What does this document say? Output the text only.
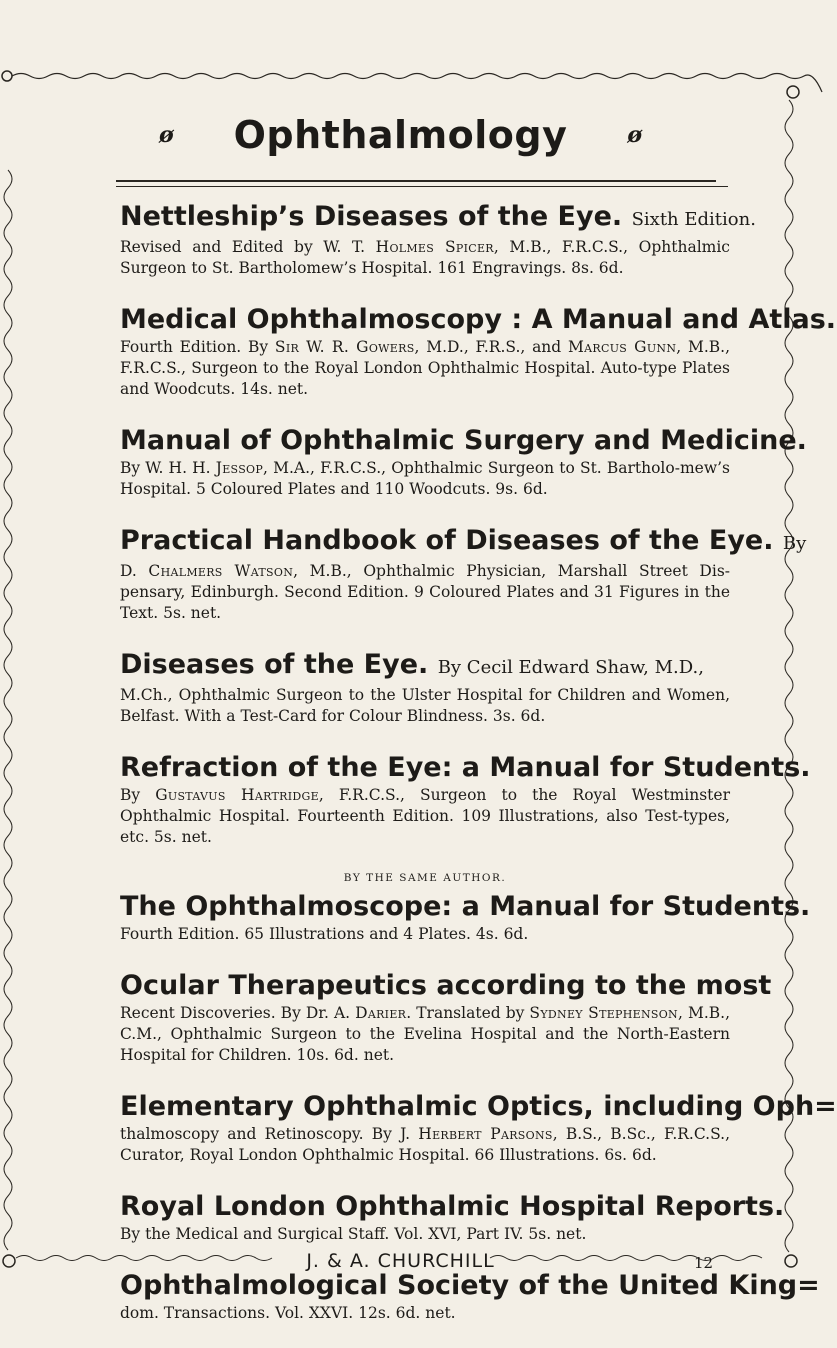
ø Ophthalmology	ø
Nettleship’s Diseases of the Eye. Sixth Edition.

Revised and Edited by W. T. Holmes Spicer, M.B., F.R.C.S., Ophthalmic Surgeon to St. Bartholomew’s Hospital. 161 Engravings. 8s. 6d.

Medical Ophthalmoscopy : A Manual and Atlas.

Fourth Edition. By Sir W. R. Gowers, M.D., F.R.S., and Marcus Gunn, M.B., F.R.C.S., Surgeon to the Royal London Ophthalmic Hospital. Auto-type Plates and Woodcuts. 14s. net.

Manual of Ophthalmic Surgery and Medicine.

By W. H. H. Jessop, M.A., F.R.C.S., Ophthalmic Surgeon to St. Bartholo-mew’s Hospital. 5 Coloured Plates and 110 Woodcuts. 9s. 6d.

Practical Handbook of Diseases of the Eye. By

D. Chalmers Watson, M.B., Ophthalmic Physician, Marshall Street Dis-pensary, Edinburgh. Second Edition. 9 Coloured Plates and 31 Figures in the Text. 5s. net.

Diseases of the Eye. By Cecil Edward Shaw, M.D.,

M.Ch., Ophthalmic Surgeon to the Ulster Hospital for Children and Women, Belfast. With a Test-Card for Colour Blindness. 3s. 6d.

Refraction of the Eye: a Manual for Students.

By Gustavus Hartridge, F.R.C.S., Surgeon to the Royal Westminster Ophthalmic Hospital. Fourteenth Edition. 109 Illustrations, also Test-types, etc. 5s. net.

BY THE SAME AUTHOR.
The Ophthalmoscope: a Manual for Students.

Fourth Edition. 65 Illustrations and 4 Plates. 4s. 6d.

Ocular Therapeutics according to the most

Recent Discoveries. By Dr. A. Darier. Translated by Sydney Stephenson, M.B., C.M., Ophthalmic Surgeon to the Evelina Hospital and the North-Eastern Hospital for Children. 10s. 6d. net.

Elementary Ophthalmic Optics, including Oph=

thalmoscopy and Retinoscopy. By J. Herbert Parsons, B.S., B.Sc., F.R.C.S., Curator, Royal London Ophthalmic Hospital. 66 Illustrations. 6s. 6d.

Royal London Ophthalmic Hospital Reports.

By the Medical and Surgical Staff. Vol. XVI, Part IV. 5s. net.

Ophthalmological Society of the United King=

dom. Transactions. Vol. XXVI. 12s. 6d. net.

J. & A. CHURCHILL	12
